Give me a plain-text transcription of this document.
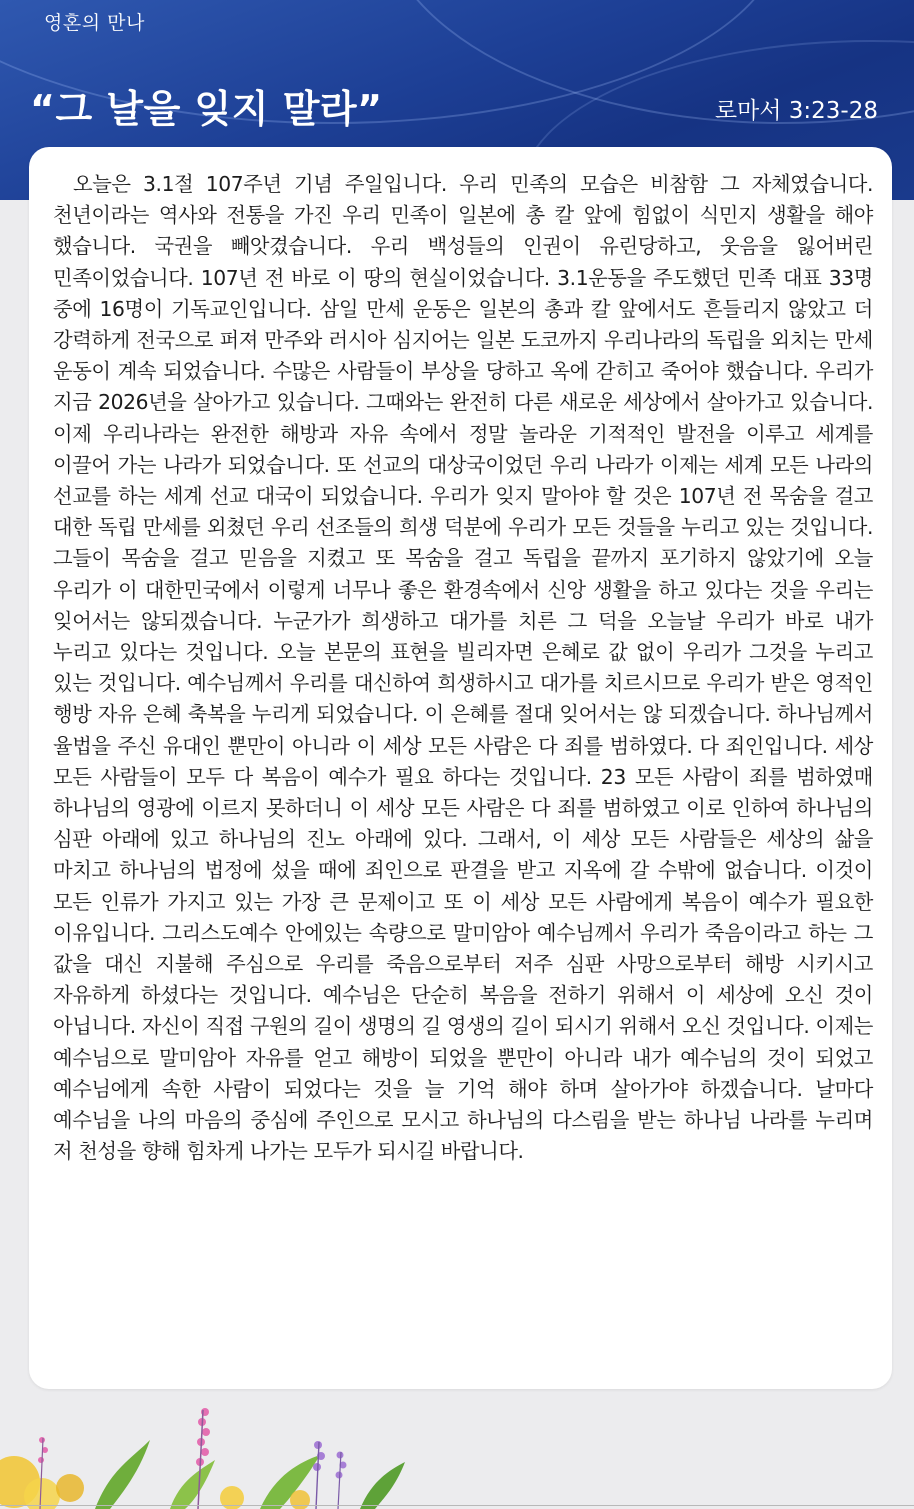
영혼의 만나
“그 날을 잊지 말라”	로마서 3:23-28

오늘은 3.1절 107주년 기념 주일입니다. 우리 민족의 모습은 비참함 그 자체였습니다. 천년이라는 역사와 전통을 가진 우리 민족이 일본에 총 칼 앞에 힘없이 식민지 생활을 해야 했습니다. 국권을 빼앗겼습니다. 우리 백성들의 인권이 유린당하고, 웃음을 잃어버린 민족이었습니다. 107년 전 바로 이 땅의 현실이었습니다. 3.1운동을 주도했던 민족 대표 33명 중에 16명이 기독교인입니다. 삼일 만세 운동은 일본의 총과 칼 앞에서도 흔들리지 않았고 더 강력하게 전국으로 퍼져 만주와 러시아 심지어는 일본 도코까지 우리나라의 독립을 외치는 만세 운동이 계속 되었습니다. 수많은 사람들이 부상을 당하고 옥에 갇히고 죽어야 했습니다. 우리가 지금 2026년을 살아가고 있습니다. 그때와는 완전히 다른 새로운 세상에서 살아가고 있습니다. 이제 우리나라는 완전한 해방과 자유 속에서 정말 놀라운 기적적인 발전을 이루고 세계를 이끌어 가는 나라가 되었습니다. 또 선교의 대상국이었던 우리 나라가 이제는 세계 모든 나라의 선교를 하는 세계 선교 대국이 되었습니다. 우리가 잊지 말아야 할 것은 107년 전 목숨을 걸고 대한 독립 만세를 외쳤던 우리 선조들의 희생 덕분에 우리가 모든 것들을 누리고 있는 것입니다. 그들이 목숨을 걸고 믿음을 지켰고 또 목숨을 걸고 독립을 끝까지 포기하지 않았기에 오늘 우리가 이 대한민국에서 이렇게 너무나 좋은 환경속에서 신앙 생활을 하고 있다는 것을 우리는 잊어서는 않되겠습니다. 누군가가 희생하고 대가를 치른 그 덕을 오늘날 우리가 바로 내가 누리고 있다는 것입니다. 오늘 본문의 표현을 빌리자면 은혜로 값 없이 우리가 그것을 누리고 있는 것입니다. 예수님께서 우리를 대신하여 희생하시고 대가를 치르시므로 우리가 받은 영적인 행방 자유 은혜 축복을 누리게 되었습니다. 이 은혜를 절대 잊어서는 않 되겠습니다. 하나님께서 율법을 주신 유대인 뿐만이 아니라 이 세상 모든 사람은 다 죄를 범하였다. 다 죄인입니다. 세상 모든 사람들이 모두 다 복음이 예수가 필요 하다는 것입니다. 23 모든 사람이 죄를 범하였매 하나님의 영광에 이르지 못하더니 이 세상 모든 사람은 다 죄를 범하였고 이로 인하여 하나님의 심판 아래에 있고 하나님의 진노 아래에 있다. 그래서, 이 세상 모든 사람들은 세상의 삶을 마치고 하나님의 법정에 섰을 때에 죄인으로 판결을 받고 지옥에 갈 수밖에 없습니다. 이것이 모든 인류가 가지고 있는 가장 큰 문제이고 또 이 세상 모든 사람에게 복음이 예수가 필요한 이유입니다. 그리스도예수 안에있는 속량으로 말미암아 예수님께서 우리가 죽음이라고 하는 그 값을 대신 지불해 주심으로 우리를 죽음으로부터 저주 심판 사망으로부터 해방 시키시고 자유하게 하셨다는 것입니다. 예수님은 단순히 복음을 전하기 위해서 이 세상에 오신 것이 아닙니다. 자신이 직접 구원의 길이 생명의 길 영생의 길이 되시기 위해서 오신 것입니다. 이제는 예수님으로 말미암아 자유를 얻고 해방이 되었을 뿐만이 아니라 내가 예수님의 것이 되었고 예수님에게 속한 사람이 되었다는 것을 늘 기억 해야 하며 살아가야 하겠습니다. 날마다 예수님을 나의 마음의 중심에 주인으로 모시고 하나님의 다스림을 받는 하나님 나라를 누리며 저 천성을 향해 힘차게 나가는 모두가 되시길 바랍니다.
